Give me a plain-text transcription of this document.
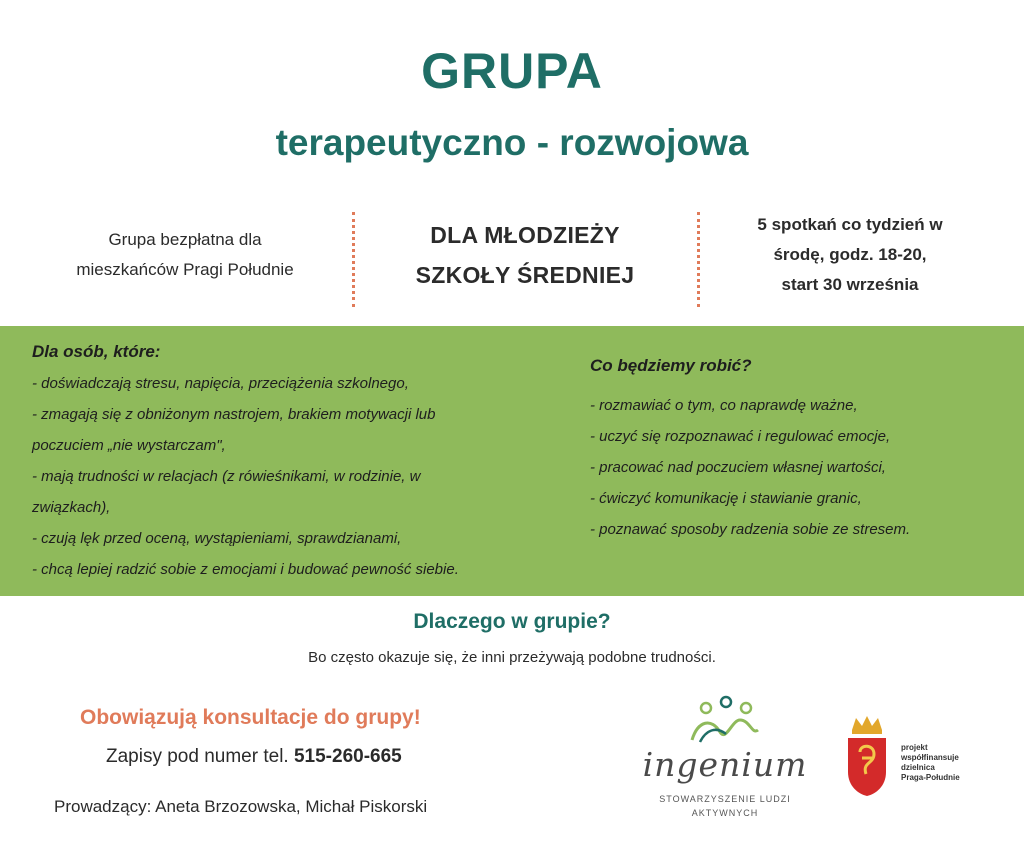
GRUPA
terapeutyczno - rozwojowa
Grupa bezpłatna dla
mieszkańców Pragi Południe
DLA MŁODZIEŻY
SZKOŁY ŚREDNIEJ
5 spotkań co tydzień w
środę, godz. 18-20,
start 30 września
Dla osób, które:
- doświadczają stresu, napięcia, przeciążenia szkolnego,
- zmagają się z obniżonym nastrojem, brakiem motywacji lub
poczuciem „nie wystarczam",
- mają trudności w relacjach (z rówieśnikami, w rodzinie, w
związkach),
- czują lęk przed oceną, wystąpieniami, sprawdzianami,
- chcą lepiej radzić sobie z emocjami i budować pewność siebie.
Co będziemy robić?
- rozmawiać o tym, co naprawdę ważne,
- uczyć się rozpoznawać i regulować emocje,
- pracować nad poczuciem własnej wartości,
- ćwiczyć komunikację i stawianie granic,
- poznawać sposoby radzenia sobie ze stresem.
Dlaczego w grupie?
Bo często okazuje się, że inni przeżywają podobne trudności.
Obowiązują konsultacje do grupy!
Zapisy pod numer tel. 515-260-665
Prowadzący: Aneta Brzozowska, Michał Piskorski
ingenium
STOWARZYSZENIE LUDZI
AKTYWNYCH
projekt
współfinansuje
dzielnica
Praga-Południe
